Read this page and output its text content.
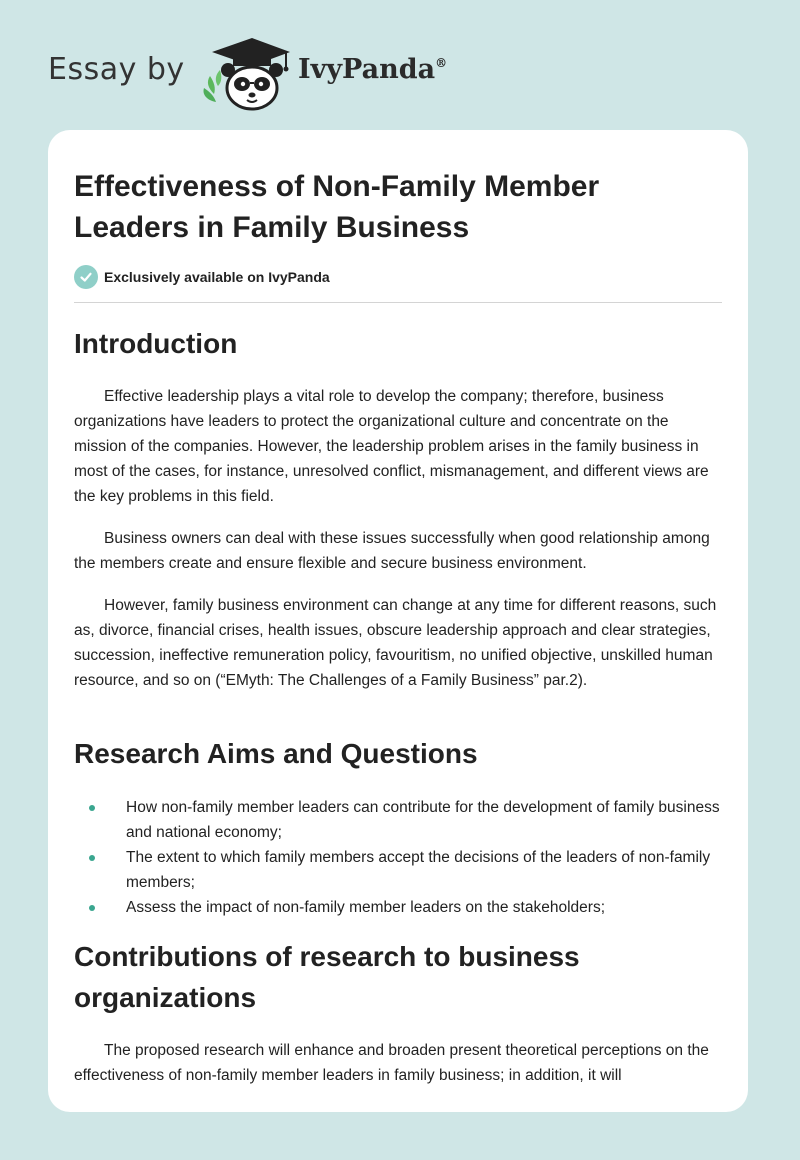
Essay by	IvyPanda®
Effectiveness of Non-Family Member Leaders in Family Business
Exclusively available on IvyPanda
Introduction

Effective leadership plays a vital role to develop the company; therefore, business organizations have leaders to protect the organizational culture and concentrate on the mission of the companies. However, the leadership problem arises in the family business in most of the cases, for instance, unresolved conflict, mismanagement, and different views are the key problems in this field.

Business owners can deal with these issues successfully when good relationship among the members create and ensure flexible and secure business environment.

However, family business environment can change at any time for different reasons, such as, divorce, financial crises, health issues, obscure leadership approach and clear strategies, succession, ineffective remuneration policy, favouritism, no unified objective, unskilled human resource, and so on (“EMyth: The Challenges of a Family Business” par.2).

Research Aims and Questions
How non-family member leaders can contribute for the development of family business and national economy;
The extent to which family members accept the decisions of the leaders of non-family members;
Assess the impact of non-family member leaders on the stakeholders;
Contributions of research to business organizations

The proposed research will enhance and broaden present theoretical perceptions on the effectiveness of non-family member leaders in family business; in addition, it will
